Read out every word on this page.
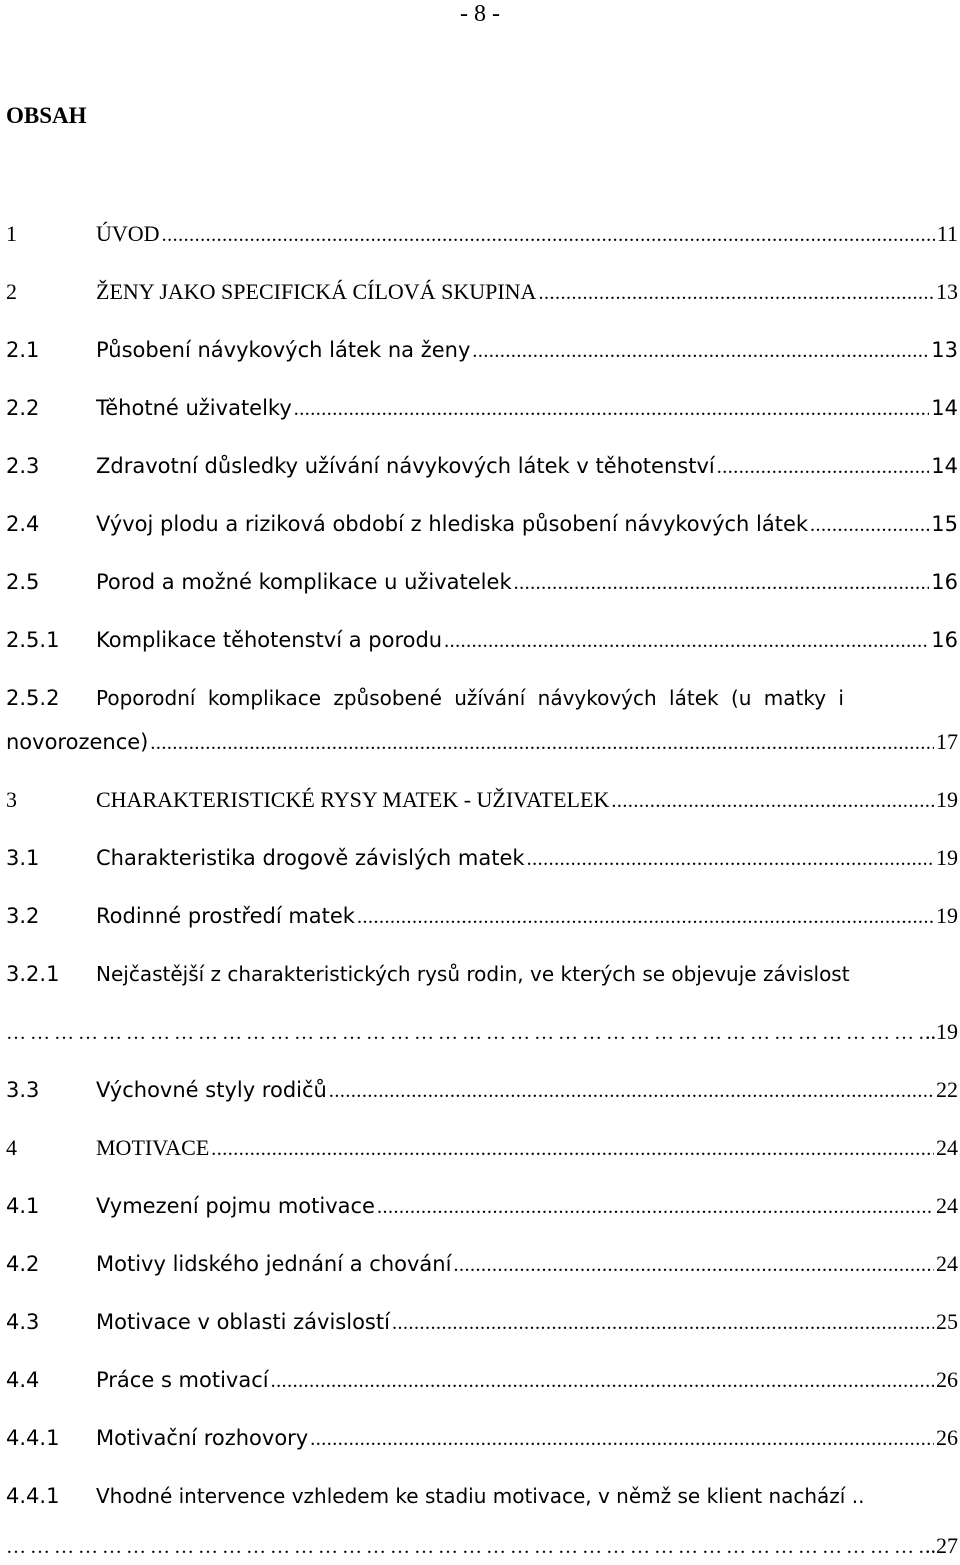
- 8 -
OBSAH
1	ÚVOD .....	11
2	ŽENY JAKO SPECIFICKÁ CÍLOVÁ SKUPINA .....	13
2.1	Působení návykových látek na ženy .....	13
2.2	Těhotné uživatelky .....	14
2.3	Zdravotní důsledky užívání návykových látek v těhotenství .....	14
2.4	Vývoj plodu a riziková období z hlediska působení návykových látek .....	15
2.5	Porod a možné komplikace u uživatelek .....	16
2.5.1	Komplikace těhotenství a porodu .....	16
2.5.2	Poporodní komplikace způsobené užívání návykových látek (u matky i
novorozence) .....	17
3	CHARAKTERISTICKÉ RYSY MATEK - UŽIVATELEK .....	19
3.1	Charakteristika drogově závislých matek .....	19
3.2	Rodinné prostředí matek .....	19
3.2.1	Nejčastější z charakteristických rysů rodin, ve kterých se objevuje závislost
…………………………………………………………………………………………………………………………………………………………………………………………………
..19
3.3	Výchovné styly rodičů .....	22
4	MOTIVACE .....	24
4.1	Vymezení pojmu motivace .....	24
4.2	Motivy lidského jednání a chování .....	24
4.3	Motivace v oblasti závislostí .....	25
4.4	Práce s motivací .....	26
4.4.1	Motivační rozhovory .....	26
4.4.1	Vhodné intervence vzhledem ke stadiu motivace, v němž se klient nachází ..
…………………………………………………………………………………………………………………………………………………………………………………………………
..27
